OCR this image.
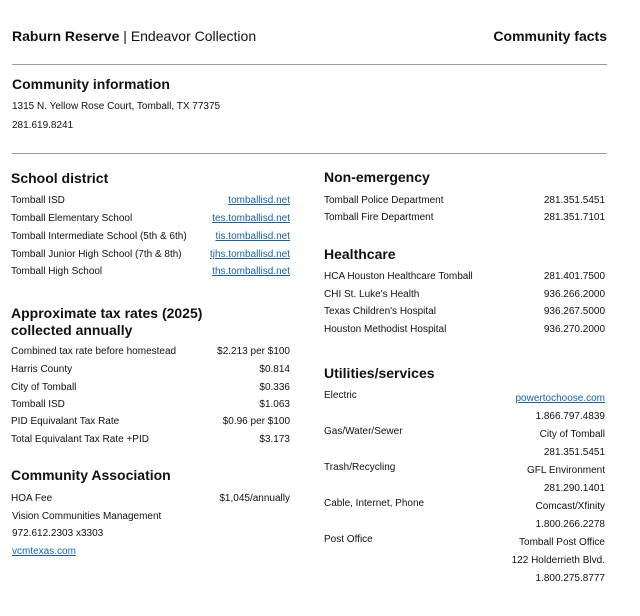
Raburn Reserve | Endeavor Collection	Community facts
Community information
1315 N. Yellow Rose Court, Tomball, TX 77375
281.619.8241
School district
Tomball ISD	tomballisd.net
Tomball Elementary School	tes.tomballisd.net
Tomball Intermediate School (5th & 6th)	tis.tomballisd.net
Tomball Junior High School (7th & 8th)	tjhs.tomballisd.net
Tomball High School	ths.tomballisd.net
Approximate tax rates (2025)
collected annually
Combined tax rate before homestead	$2.213 per $100
Harris County	$0.814
City of Tomball	$0.336
Tomball ISD	$1.063
PID Equivalant Tax Rate	$0.96 per $100
Total Equivalant Tax Rate +PID	$3.173
Community Association
HOA Fee	$1,045/annually
Vision Communities Management
972.612.2303 x3303
vcmtexas.com
Non-emergency
Tomball Police Department	281.351.5451
Tomball Fire Department	281.351.7101
Healthcare
HCA Houston Healthcare Tomball	281.401.7500
CHI St. Luke's Health	936.266.2000
Texas Children's Hospital	936.267.5000
Houston Methodist Hospital	936.270.2000
Utilities/services
Electric	powertochoose.com
1.866.797.4839
Gas/Water/Sewer	City of Tomball
281.351.5451
Trash/Recycling	GFL Environment
281.290.1401
Cable, Internet, Phone	Comcast/Xfinity
1.800.266.2278
Post Office	Tomball Post Office
122 Holderrieth Blvd.
1.800.275.8777
